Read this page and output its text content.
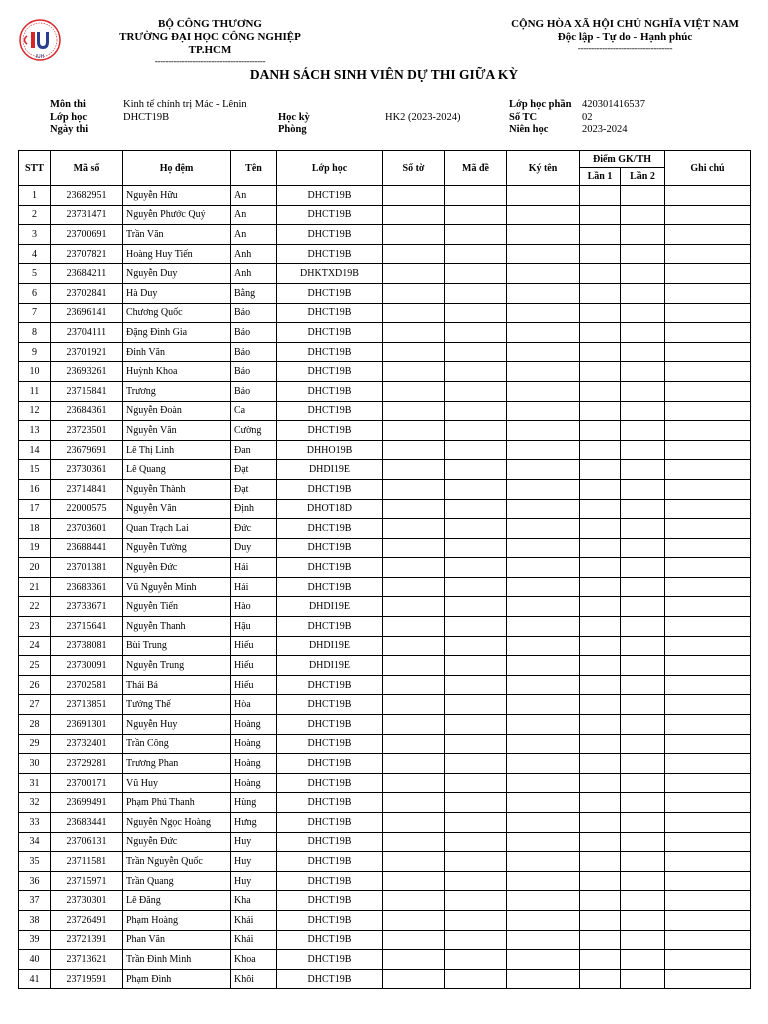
IUH
BỘ CÔNG THƯƠNG
TRƯỜNG ĐẠI HỌC CÔNG NGHIỆP TP.HCM
-----------------------------------------
CỘNG HÒA XÃ HỘI CHỦ NGHĨA VIỆT NAM
Độc lập - Tự do - Hạnh phúc
-----------------------------------
DANH SÁCH SINH VIÊN DỰ THI GIỮA KỲ
Môn thi	Kinh tế chính trị Mác - Lênin
Lớp học	DHCT19B
Ngày thi
Học kỳ	HK2 (2023-2024)
Phòng
Lớp học phần 420301416537
Số TC	02
Niên học	2023-2024
STT	Mã số	Họ đệm	Tên	Lớp học	Số tờ	Mã đề	Ký tên	Điểm GK/TH		Ghi chú
								Lần 1	Lần 2	
1	23682951	Nguyễn Hữu	An	DHCT19B						
2	23731471	Nguyễn Phước Quý	An	DHCT19B						
3	23700691	Trần Văn	An	DHCT19B						
4	23707821	Hoàng Huy Tiến	Anh	DHCT19B						
5	23684211	Nguyễn Duy	Anh	DHKTXD19B						
6	23702841	Hà Duy	Bằng	DHCT19B						
7	23696141	Chương Quốc	Bảo	DHCT19B						
8	23704111	Đặng Đình Gia	Bảo	DHCT19B						
9	23701921	Đinh Văn	Bảo	DHCT19B						
10	23693261	Huỳnh Khoa	Bảo	DHCT19B						
11	23715841	Trương	Bảo	DHCT19B						
12	23684361	Nguyễn Đoàn	Ca	DHCT19B						
13	23723501	Nguyễn Văn	Cường	DHCT19B						
14	23679691	Lê Thị Linh	Đan	DHHO19B						
15	23730361	Lê Quang	Đạt	DHDI19E						
16	23714841	Nguyễn Thành	Đạt	DHCT19B						
17	22000575	Nguyễn Văn	Định	DHOT18D						
18	23703601	Quan Trạch Lai	Đức	DHCT19B						
19	23688441	Nguyễn Tường	Duy	DHCT19B						
20	23701381	Nguyễn Đức	Hải	DHCT19B						
21	23683361	Vũ Nguyễn Minh	Hải	DHCT19B						
22	23733671	Nguyễn Tiến	Hào	DHDI19E						
23	23715641	Nguyễn Thanh	Hậu	DHCT19B						
24	23738081	Bùi Trung	Hiếu	DHDI19E						
25	23730091	Nguyễn Trung	Hiếu	DHDI19E						
26	23702581	Thái Bá	Hiếu	DHCT19B						
27	23713851	Tưởng Thế	Hòa	DHCT19B						
28	23691301	Nguyễn Huy	Hoàng	DHCT19B						
29	23732401	Trần Công	Hoàng	DHCT19B						
30	23729281	Trương Phan	Hoàng	DHCT19B						
31	23700171	Vũ Huy	Hoàng	DHCT19B						
32	23699491	Phạm Phú Thanh	Hùng	DHCT19B						
33	23683441	Nguyễn Ngọc Hoàng	Hưng	DHCT19B						
34	23706131	Nguyễn Đức	Huy	DHCT19B						
35	23711581	Trần Nguyễn Quốc	Huy	DHCT19B						
36	23715971	Trần Quang	Huy	DHCT19B						
37	23730301	Lê Đăng	Kha	DHCT19B						
38	23726491	Phạm Hoàng	Khải	DHCT19B						
39	23721391	Phan Văn	Khải	DHCT19B						
40	23713621	Trần Đình Minh	Khoa	DHCT19B						
41	23719591	Phạm Đình	Khôi	DHCT19B						
